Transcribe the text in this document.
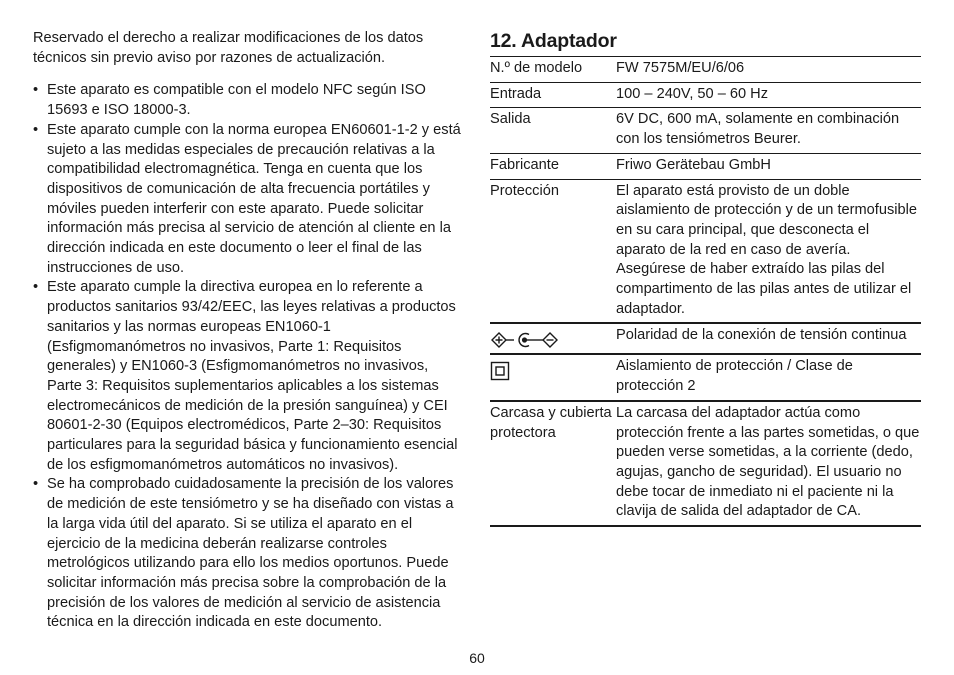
Reservado el derecho a realizar modificaciones de los datos técnicos sin previo aviso por razones de actualización.

• Este aparato es compatible con el modelo NFC según ISO 15693 e ISO 18000-3.
• Este aparato cumple con la norma europea EN60601-1-2 y está sujeto a las medidas especiales de precaución relativas a la compatibilidad electromagnética. Tenga en cuenta que los dispositivos de comunicación de alta frecuencia portátiles y móviles pueden interferir con este aparato. Puede solicitar información más precisa al servicio de atención al cliente en la dirección indicada en este documento o leer el final de las instrucciones de uso.
• Este aparato cumple la directiva europea en lo referente a productos sanitarios 93/42/EEC, las leyes relativas a productos sanitarios y las normas europeas EN1060-1 (Esfigmomanómetros no invasivos, Parte 1: Requisitos generales) y EN1060-3 (Esfigmomanómetros no invasivos, Parte 3: Requisitos suplementarios aplicables a los sistemas electromecánicos de medición de la presión sanguínea) y CEI 80601-2-30 (Equipos electromédicos, Parte 2–30: Requisitos particulares para la seguridad básica y funcionamiento esencial de los esfigmomanómetros automáticos no invasivos).
• Se ha comprobado cuidadosamente la precisión de los valores de medición de este tensiómetro y se ha diseñado con vistas a la larga vida útil del aparato. Si se utiliza el aparato en el ejercicio de la medicina deberán realizarse controles metrológicos utilizando para ello los medios oportunos. Puede solicitar información más precisa sobre la comprobación de la precisión de los valores de medición al servicio de asistencia técnica en la dirección indicada en este documento.
12. Adaptador
N.º de modelo	FW 7575M/EU/6/06
Entrada	100 – 240V, 50 – 60 Hz
Salida	6V DC, 600 mA, solamente en combinación con los tensiómetros Beurer.
Fabricante	Friwo Gerätebau GmbH
Protección	El aparato está provisto de un doble aislamiento de protección y de un termofusible en su cara principal, que desconecta el aparato de la red en caso de avería. Asegúrese de haber extraído las pilas del compartimento de las pilas antes de utilizar el adaptador.

	Polaridad de la conexión de tensión continua

	Aislamiento de protección / Clase de protección 2
Carcasa y cubierta protectora	La carcasa del adaptador actúa como protección frente a las partes sometidas, o que pueden verse sometidas, a la corriente (dedo, agujas, gancho de seguridad). El usuario no debe tocar de inmediato ni el paciente ni la clavija de salida del adaptador de CA.
60
